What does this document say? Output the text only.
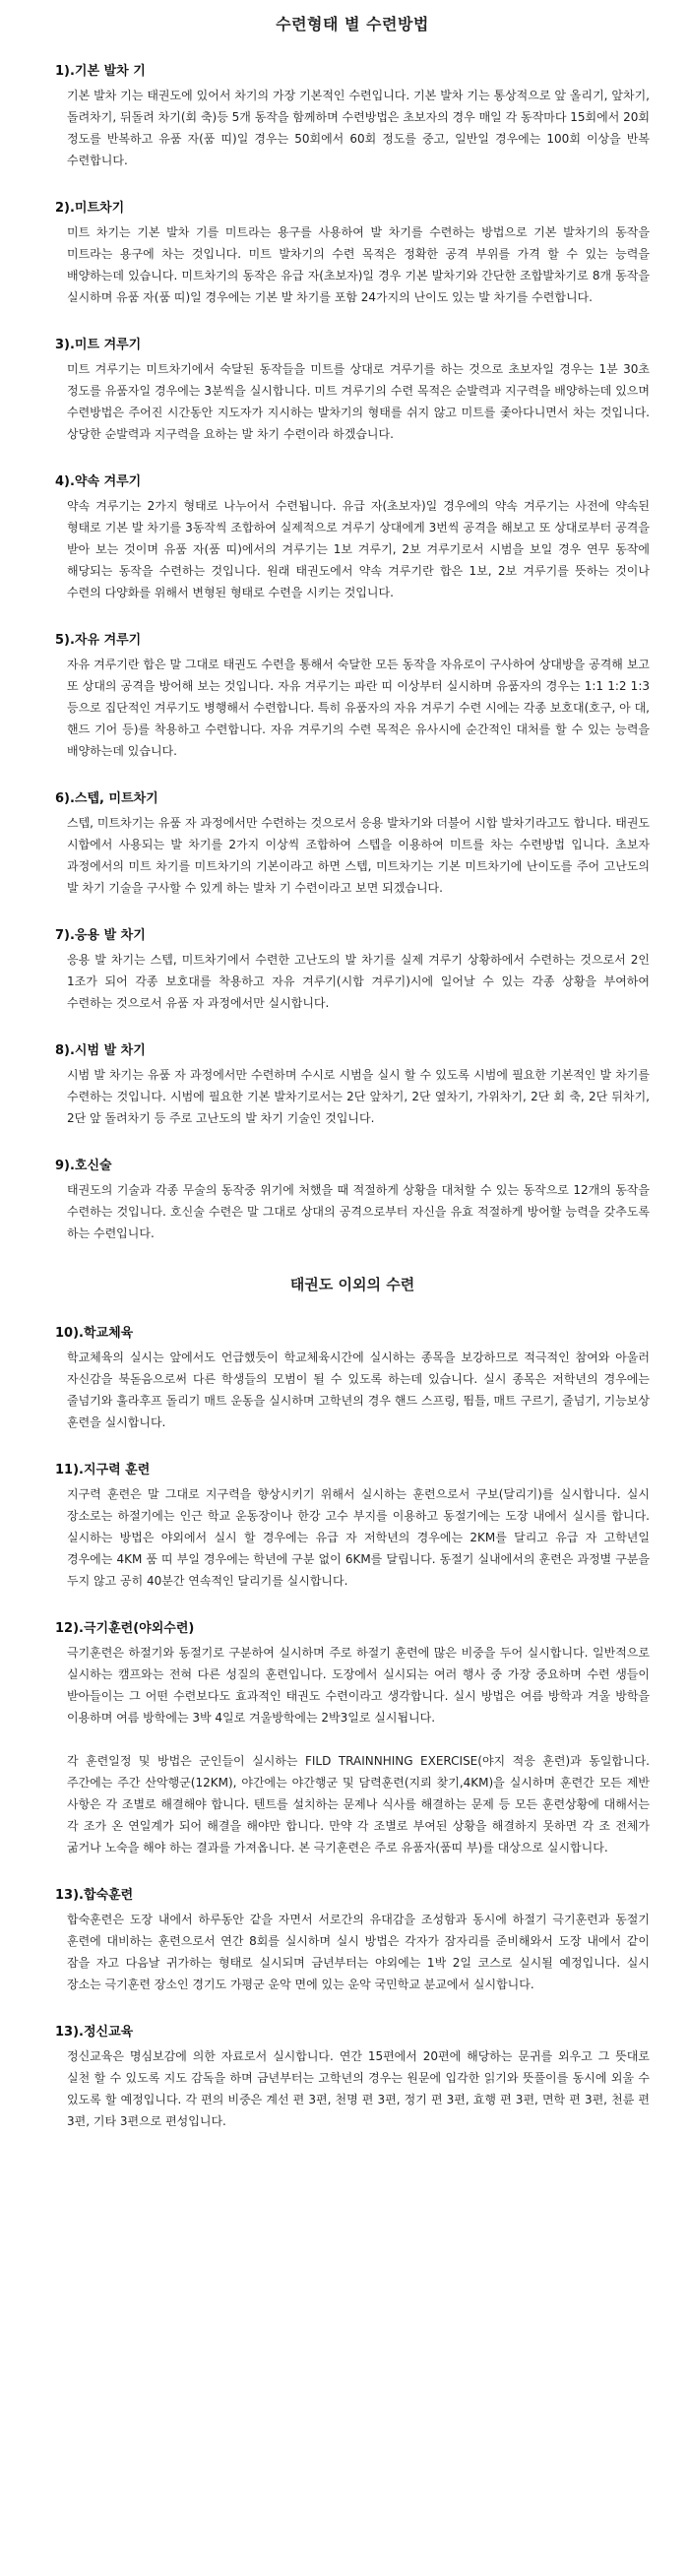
수련형태 별 수련방법
1).기본 발차 기

기본 발차 기는 태권도에 있어서 차기의 가장 기본적인 수련입니다. 기본 발차 기는 통상적으로 앞 올리기, 앞차기, 돌려차기, 뒤돌려 차기(회 축)등 5개 동작을 함께하며 수련방법은 초보자의 경우 매일 각 동작마다 15회에서 20회 정도를 반복하고 유품 자(품 띠)일 경우는 50회에서 60회 정도를 중고, 일반일 경우에는 100회 이상을 반복 수련합니다.

2).미트차기

미트 차기는 기본 발차 기를 미트라는 용구를 사용하여 발 차기를 수련하는 방법으로 기본 발차기의 동작을 미트라는 용구에 차는 것입니다. 미트 발차기의 수련 목적은 정확한 공격 부위를 가격 할 수 있는 능력을 배양하는데 있습니다. 미트차기의 동작은 유급 자(초보자)일 경우 기본 발차기와 간단한 조합발차기로 8개 동작을 실시하며 유품 자(품 띠)일 경우에는 기본 발 차기를 포함 24가지의 난이도 있는 발 차기를 수련합니다.

3).미트 겨루기

미트 겨루기는 미트차기에서 숙달된 동작들을 미트를 상대로 겨루기를 하는 것으로 초보자일 경우는 1분 30초 정도를 유품자일 경우에는 3분씩을 실시합니다. 미트 겨루기의 수련 목적은 순발력과 지구력을 배양하는데 있으며 수련방법은 주어진 시간동안 지도자가 지시하는 발차기의 형태를 쉬지 않고 미트를 좇아다니면서 차는 것입니다. 상당한 순발력과 지구력을 요하는 발 차기 수련이라 하겠습니다.

4).약속 겨루기

약속 겨루기는 2가지 형태로 나누어서 수련됩니다. 유급 자(초보자)일 경우에의 약속 겨루기는 사전에 약속된 형태로 기본 발 차기를 3동작씩 조합하여 실제적으로 겨루기 상대에게 3번씩 공격을 해보고 또 상대로부터 공격을 받아 보는 것이며 유품 자(품 띠)에서의 겨루기는 1보 겨루기, 2보 겨루기로서 시범을 보일 경우 연무 동작에 해당되는 동작을 수련하는 것입니다. 원래 태권도에서 약속 겨루기란 합은 1보, 2보 겨루기를 뜻하는 것이나 수련의 다양화를 위해서 변형된 형태로 수련을 시키는 것입니다.

5).자유 겨루기

자유 겨루기란 합은 말 그대로 태권도 수련을 통해서 숙달한 모든 동작을 자유로이 구사하여 상대방을 공격해 보고 또 상대의 공격을 방어해 보는 것입니다. 자유 겨루기는 파란 띠 이상부터 실시하며 유품자의 경우는 1:1 1:2 1:3 등으로 집단적인 겨루기도 병행해서 수련합니다. 특히 유품자의 자유 겨루기 수련 시에는 각종 보호대(호구, 아 대, 핸드 기어 등)를 착용하고 수련합니다. 자유 겨루기의 수련 목적은 유사시에 순간적인 대처를 할 수 있는 능력을 배양하는데 있습니다.

6).스텝, 미트차기

스텝, 미트차기는 유품 자 과정에서만 수련하는 것으로서 응용 발차기와 더불어 시합 발차기라고도 합니다. 태권도 시합에서 사용되는 발 차기를 2가지 이상씩 조합하여 스텝을 이용하여 미트를 차는 수련방법 입니다. 초보자 과정에서의 미트 차기를 미트차기의 기본이라고 하면 스텝, 미트차기는 기본 미트차기에 난이도를 주어 고난도의 발 차기 기술을 구사할 수 있게 하는 발차 기 수련이라고 보면 되겠습니다.

7).응용 발 차기

응용 발 차기는 스텝, 미트차기에서 수련한 고난도의 발 차기를 실제 겨루기 상황하에서 수련하는 것으로서 2인 1조가 되어 각종 보호대를 착용하고 자유 겨루기(시합 겨루기)시에 일어날 수 있는 각종 상황을 부여하여 수련하는 것으로서 유품 자 과정에서만 실시합니다.

8).시범 발 차기

시범 발 차기는 유품 자 과정에서만 수련하며 수시로 시범을 실시 할 수 있도록 시범에 필요한 기본적인 발 차기를 수련하는 것입니다. 시범에 필요한 기본 발차기로서는 2단 앞차기, 2단 옆차기, 가위차기, 2단 회 축, 2단 뒤차기, 2단 앞 돌려차기 등 주로 고난도의 발 차기 기술인 것입니다.

9).호신술

태권도의 기술과 각종 무술의 동작중 위기에 처했을 때 적절하게 상황을 대처할 수 있는 동작으로 12개의 동작을 수련하는 것입니다. 호신술 수련은 말 그대로 상대의 공격으로부터 자신을 유효 적절하게 방어할 능력을 갖추도록 하는 수련입니다.

태권도 이외의 수련
10).학교체육

학교체육의 실시는 앞에서도 언급했듯이 학교체육시간에 실시하는 종목을 보강하므로 적극적인 참여와 아울러 자신감을 북돋음으로써 다른 학생들의 모범이 될 수 있도록 하는데 있습니다. 실시 종목은 저학년의 경우에는 줄넘기와 훌라후프 돌리기 매트 운동을 실시하며 고학년의 경우 핸드 스프링, 뜀틀, 매트 구르기, 줄넘기, 기능보상 훈련을 실시합니다.

11).지구력 훈련

지구력 훈련은 말 그대로 지구력을 향상시키기 위해서 실시하는 훈련으로서 구보(달리기)를 실시합니다. 실시 장소로는 하절기에는 인근 학교 운동장이나 한강 고수 부지를 이용하고 동절기에는 도장 내에서 실시를 합니다. 실시하는 방법은 야외에서 실시 할 경우에는 유급 자 저학년의 경우에는 2KM를 달리고 유급 자 고학년일 경우에는 4KM 품 띠 부일 경우에는 학년에 구분 없이 6KM를 달립니다. 동절기 실내에서의 훈련은 과정별 구분을 두지 않고 공히 40분간 연속적인 달리기를 실시합니다.

12).극기훈련(야외수련)

극기훈련은 하절기와 동절기로 구분하여 실시하며 주로 하절기 훈련에 많은 비중을 두어 실시합니다. 일반적으로 실시하는 캠프와는 전혀 다른 성질의 훈련입니다. 도장에서 실시되는 여러 행사 중 가장 중요하며 수련 생들이 받아들이는 그 어떤 수련보다도 효과적인 태권도 수련이라고 생각합니다. 실시 방법은 여름 방학과 겨울 방학을 이용하며 여름 방학에는 3박 4일로 겨울방학에는 2박3일로 실시됩니다.

각 훈련일정 및 방법은 군인들이 실시하는 FILD TRAINNHING EXERCISE(야지 적응 훈련)과 동일합니다. 주간에는 주간 산악행군(12KM), 야간에는 야간행군 및 담력훈련(지뢰 찾기,4KM)을 실시하며 훈련간 모든 제반 사항은 각 조별로 해결해야 합니다. 텐트를 설치하는 문제나 식사를 해결하는 문제 등 모든 훈련상황에 대해서는 각 조가 온 연일계가 되어 해결을 해야만 합니다. 만약 각 조별로 부여된 상황을 해결하지 못하면 각 조 전체가 굶거나 노숙을 해야 하는 결과를 가져옵니다. 본 극기훈련은 주로 유품자(품띠 부)를 대상으로 실시합니다.

13).합숙훈련

합숙훈련은 도장 내에서 하루동안 같을 자면서 서로간의 유대감을 조성함과 동시에 하절기 극기훈련과 동절기 훈련에 대비하는 훈련으로서 연간 8회를 실시하며 실시 방법은 각자가 잠자리를 준비해와서 도장 내에서 같이 잠을 자고 다음날 귀가하는 형태로 실시되며 금년부터는 야외에는 1박 2일 코스로 실시될 예정입니다. 실시 장소는 극기훈련 장소인 경기도 가평군 운악 면에 있는 운악 국민학교 분교에서 실시합니다.

13).정신교육

정신교육은 명심보감에 의한 자료로서 실시합니다. 연간 15편에서 20편에 해당하는 문귀를 외우고 그 뜻대로 실천 할 수 있도록 지도 감독을 하며 금년부터는 고학년의 경우는 원문에 입각한 읽기와 뜻풀이를 동시에 외울 수 있도록 할 예정입니다. 각 편의 비중은 계선 편 3편, 천명 편 3편, 정기 편 3편, 효행 편 3편, 면학 편 3편, 천륜 편 3편, 기타 3편으로 편성입니다.
